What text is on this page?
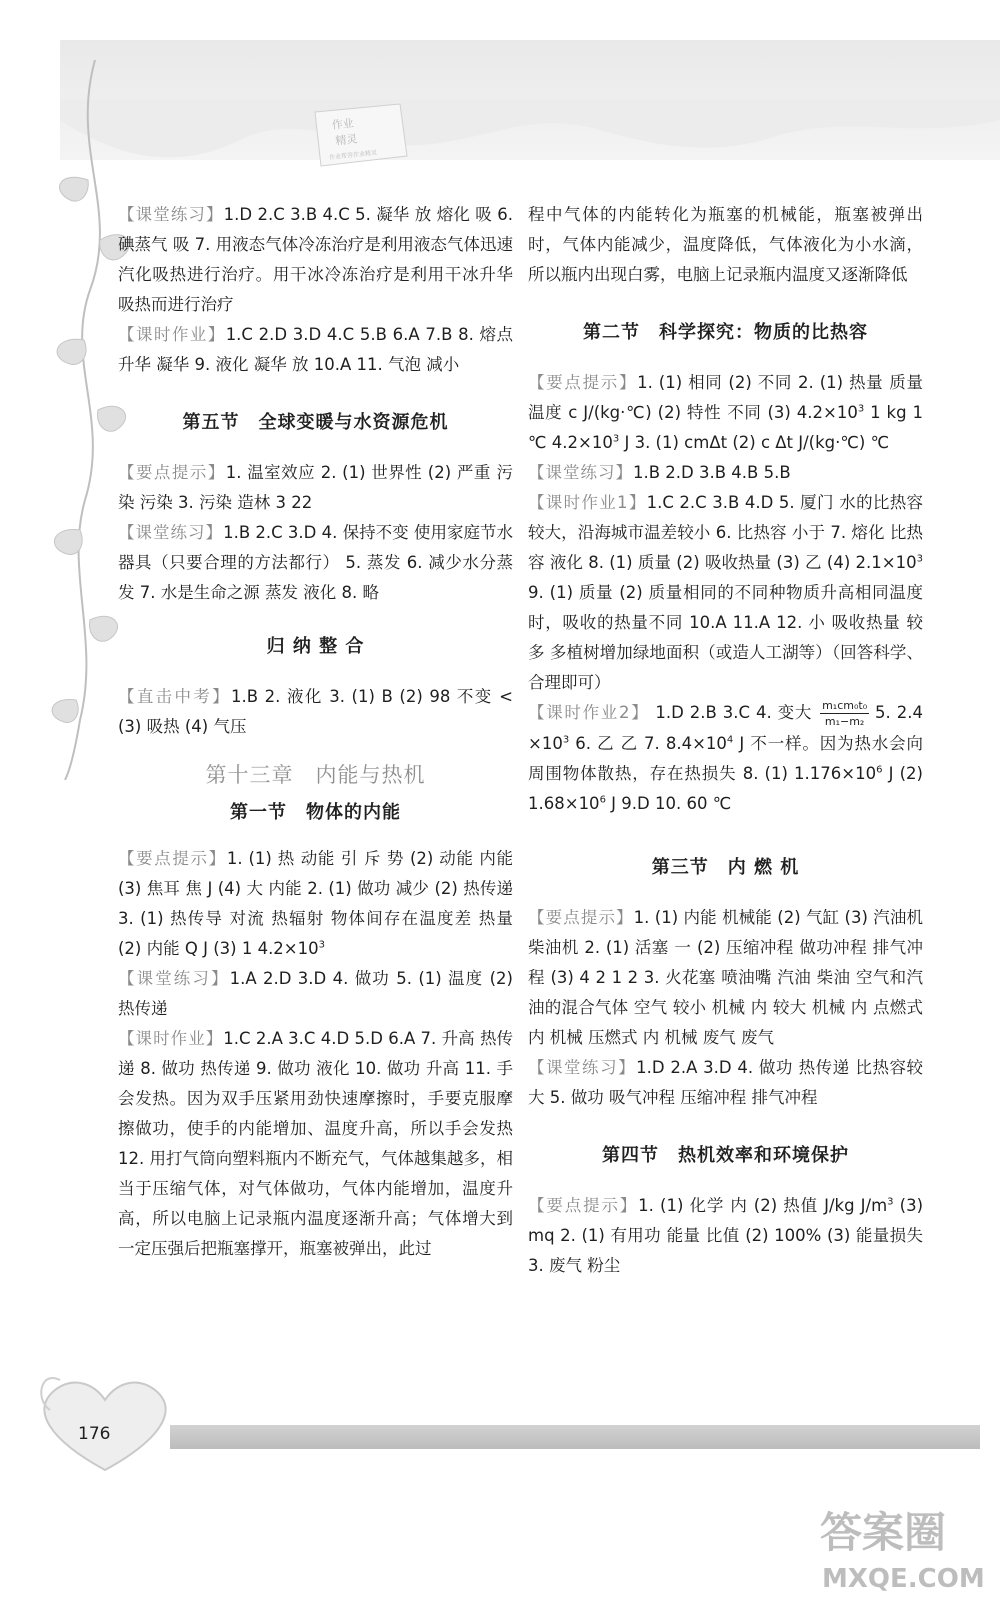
作业
精灵
作业帮答作业精灵

【课堂练习】1.D 2.C 3.B 4.C 5. 凝华 放 熔化 吸 6. 碘蒸气 吸 7. 用液态气体冷冻治疗是利用液态气体迅速汽化吸热进行治疗。用干冰冷冻治疗是利用干冰升华吸热而进行治疗

【课时作业】1.C 2.D 3.D 4.C 5.B 6.A 7.B 8. 熔点 升华 凝华 9. 液化 凝华 放 10.A 11. 气泡 减小

第五节　全球变暖与水资源危机

【要点提示】1. 温室效应 2. (1) 世界性 (2) 严重 污染 污染 3. 污染 造林 3 22

【课堂练习】1.B 2.C 3.D 4. 保持不变 使用家庭节水器具（只要合理的方法都行） 5. 蒸发 6. 减少水分蒸发 7. 水是生命之源 蒸发 液化 8. 略

归 纳 整 合

【直击中考】1.B 2. 液化 3. (1) B (2) 98 不变 < (3) 吸热 (4) 气压

第十三章　内能与热机
第一节　物体的内能

【要点提示】1. (1) 热 动能 引 斥 势 (2) 动能 内能 (3) 焦耳 焦 J (4) 大 内能 2. (1) 做功 减少 (2) 热传递 3. (1) 热传导 对流 热辐射 物体间存在温度差 热量 (2) 内能 Q J (3) 1 $4.2\times 10^3$

【课堂练习】1.A 2.D 3.D 4. 做功 5. (1) 温度 (2) 热传递

【课时作业】1.C 2.A 3.C 4.D 5.D 6.A 7. 升高 热传递 8. 做功 热传递 9. 做功 液化 10. 做功 升高 11. 手会发热。因为双手压紧用劲快速摩擦时，手要克服摩擦做功，使手的内能增加、温度升高，所以手会发热 12. 用打气筒向塑料瓶内不断充气，气体越集越多，相当于压缩气体，对气体做功，气体内能增加，温度升高，所以电脑上记录瓶内温度逐渐升高；气体增大到一定压强后把瓶塞撑开，瓶塞被弹出，此过

程中气体的内能转化为瓶塞的机械能，瓶塞被弹出时，气体内能减少，温度降低，气体液化为小水滴，所以瓶内出现白雾，电脑上记录瓶内温度又逐渐降低

第二节　科学探究：物质的比热容

【要点提示】1. (1) 相同 (2) 不同 2. (1) 热量 质量 温度 c J/(kg·℃) (2) 特性 不同 (3) $4.2\times 10^3$ 1 kg 1 ℃ $4.2\times 10^3$ J 3. (1) cmΔt (2) c Δt J/(kg·℃) ℃

【课堂练习】1.B 2.D 3.B 4.B 5.B

【课时作业1】1.C 2.C 3.B 4.D 5. 厦门 水的比热容较大，沿海城市温差较小 6. 比热容 小于 7. 熔化 比热容 液化 8. (1) 质量 (2) 吸收热量 (3) 乙 (4) $2.1\times 10^3$ 9. (1) 质量 (2) 质量相同的不同种物质升高相同温度时，吸收的热量不同 10.A 11.A 12. 小 吸收热量 较多 多植树增加绿地面积（或造人工湖等）（回答科学、合理即可）

【课时作业2】 1.D 2.B 3.C 4. 变大 $\frac{\text{m₁cm₀t₀}}{\text{m₁−m₂}} 5$. $2.4\times 10^3$ 6. 乙 乙 7. $8.4\times 10^4$ J 不一样。因为热水会向周围物体散热，存在热损失 8. (1) $1.176\times 10^6$ J (2) $1.68\times 10^6$ J 9.D 10. 60 ℃

第三节　内 燃 机

【要点提示】1. (1) 内能 机械能 (2) 气缸 (3) 汽油机 柴油机 2. (1) 活塞 一 (2) 压缩冲程 做功冲程 排气冲程 (3) 4 2 1 2 3. 火花塞 喷油嘴 汽油 柴油 空气和汽油的混合气体 空气 较小 机械 内 较大 机械 内 点燃式 内 机械 压燃式 内 机械 废气 废气

【课堂练习】1.D 2.A 3.D 4. 做功 热传递 比热容较大 5. 做功 吸气冲程 压缩冲程 排气冲程

第四节　热机效率和环境保护

【要点提示】1. (1) 化学 内 (2) 热值 J/kg $J/m^3$ (3) mq 2. (1) 有用功 能量 比值 (2) 100% (3) 能量损失 3. 废气 粉尘

176
答案圈
MXQE.COM
